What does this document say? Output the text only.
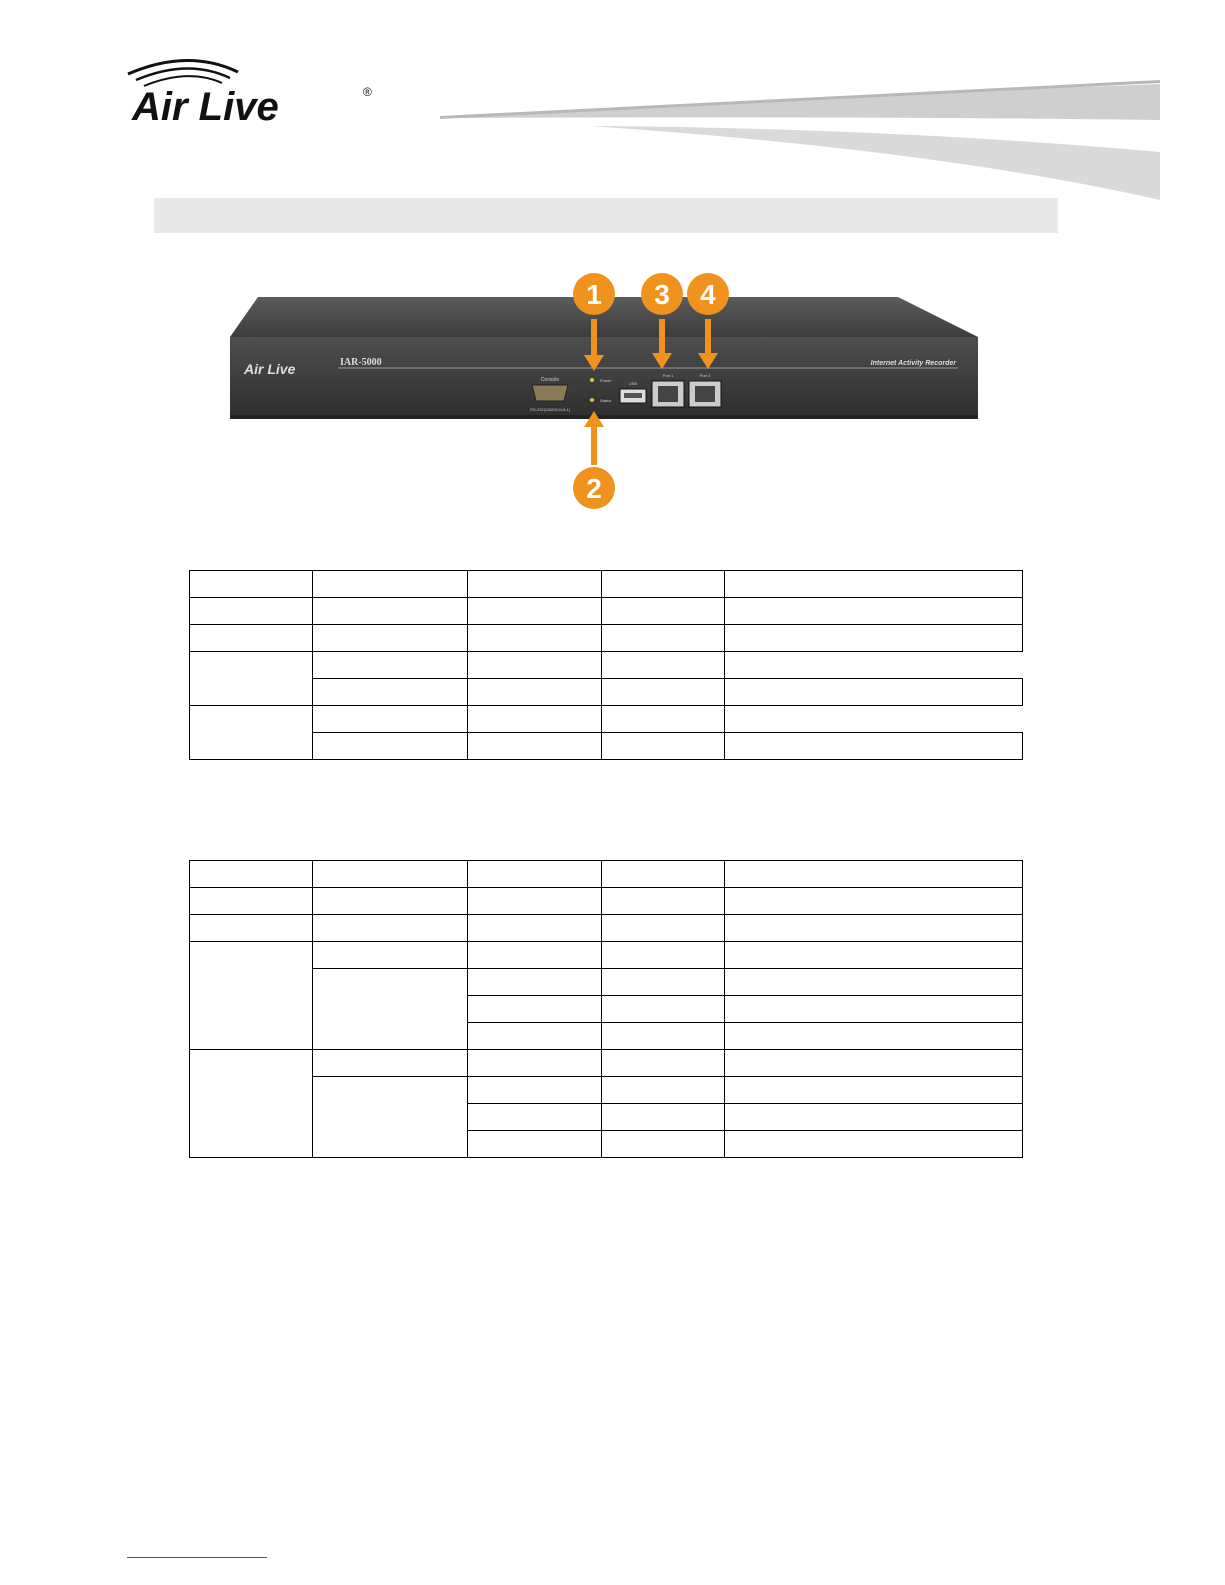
Air Live	®
Air Live	IAR-5000	Internet Activity Recorder
Console
RS-232(115200,N,8,1)
Power
Status
USB
Port 1	Port 2
1
2
3 4
